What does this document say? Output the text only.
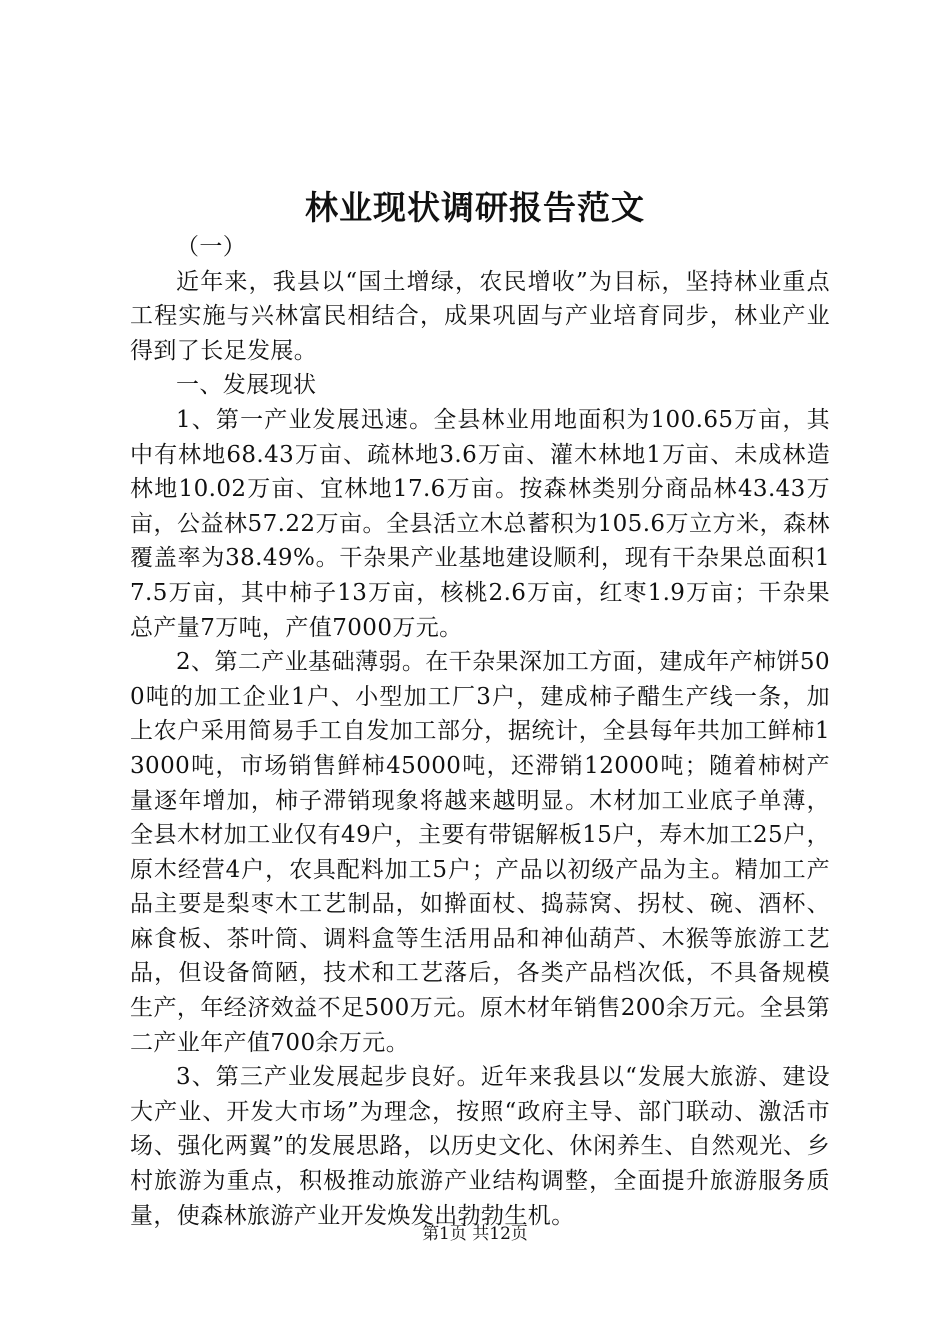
林业现状调研报告范文

（一）

近年来，我县以“国土增绿，农民增收”为目标，坚持林业重点工程实施与兴林富民相结合，成果巩固与产业培育同步，林业产业得到了长足发展。

一、发展现状

1、第一产业发展迅速。全县林业用地面积为100.65万亩，其中有林地68.43万亩、疏林地3.6万亩、灌木林地1万亩、未成林造林地10.02万亩、宜林地17.6万亩。按森林类别分商品林43.43万亩，公益林57.22万亩。全县活立木总蓄积为105.6万立方米，森林覆盖率为38.49%。干杂果产业基地建设顺利，现有干杂果总面积17.5万亩，其中柿子13万亩，核桃2.6万亩，红枣1.9万亩；干杂果总产量7万吨，产值7000万元。

2、第二产业基础薄弱。在干杂果深加工方面，建成年产柿饼500吨的加工企业1户、小型加工厂3户，建成柿子醋生产线一条，加上农户采用简易手工自发加工部分，据统计，全县每年共加工鲜柿13000吨，市场销售鲜柿45000吨，还滞销12000吨；随着柿树产量逐年增加，柿子滞销现象将越来越明显。木材加工业底子单薄，全县木材加工业仅有49户，主要有带锯解板15户，寿木加工25户，原木经营4户，农具配料加工5户；产品以初级产品为主。精加工产品主要是梨枣木工艺制品，如擀面杖、捣蒜窝、拐杖、碗、酒杯、麻食板、茶叶筒、调料盒等生活用品和神仙葫芦、木猴等旅游工艺品，但设备简陋，技术和工艺落后，各类产品档次低，不具备规模生产，年经济效益不足500万元。原木材年销售200余万元。全县第二产业年产值700余万元。

3、第三产业发展起步良好。近年来我县以“发展大旅游、建设大产业、开发大市场”为理念，按照“政府主导、部门联动、激活市场、强化两翼”的发展思路，以历史文化、休闲养生、自然观光、乡村旅游为重点，积极推动旅游产业结构调整，全面提升旅游服务质量，使森林旅游产业开发焕发出勃勃生机。

第1页 共12页
